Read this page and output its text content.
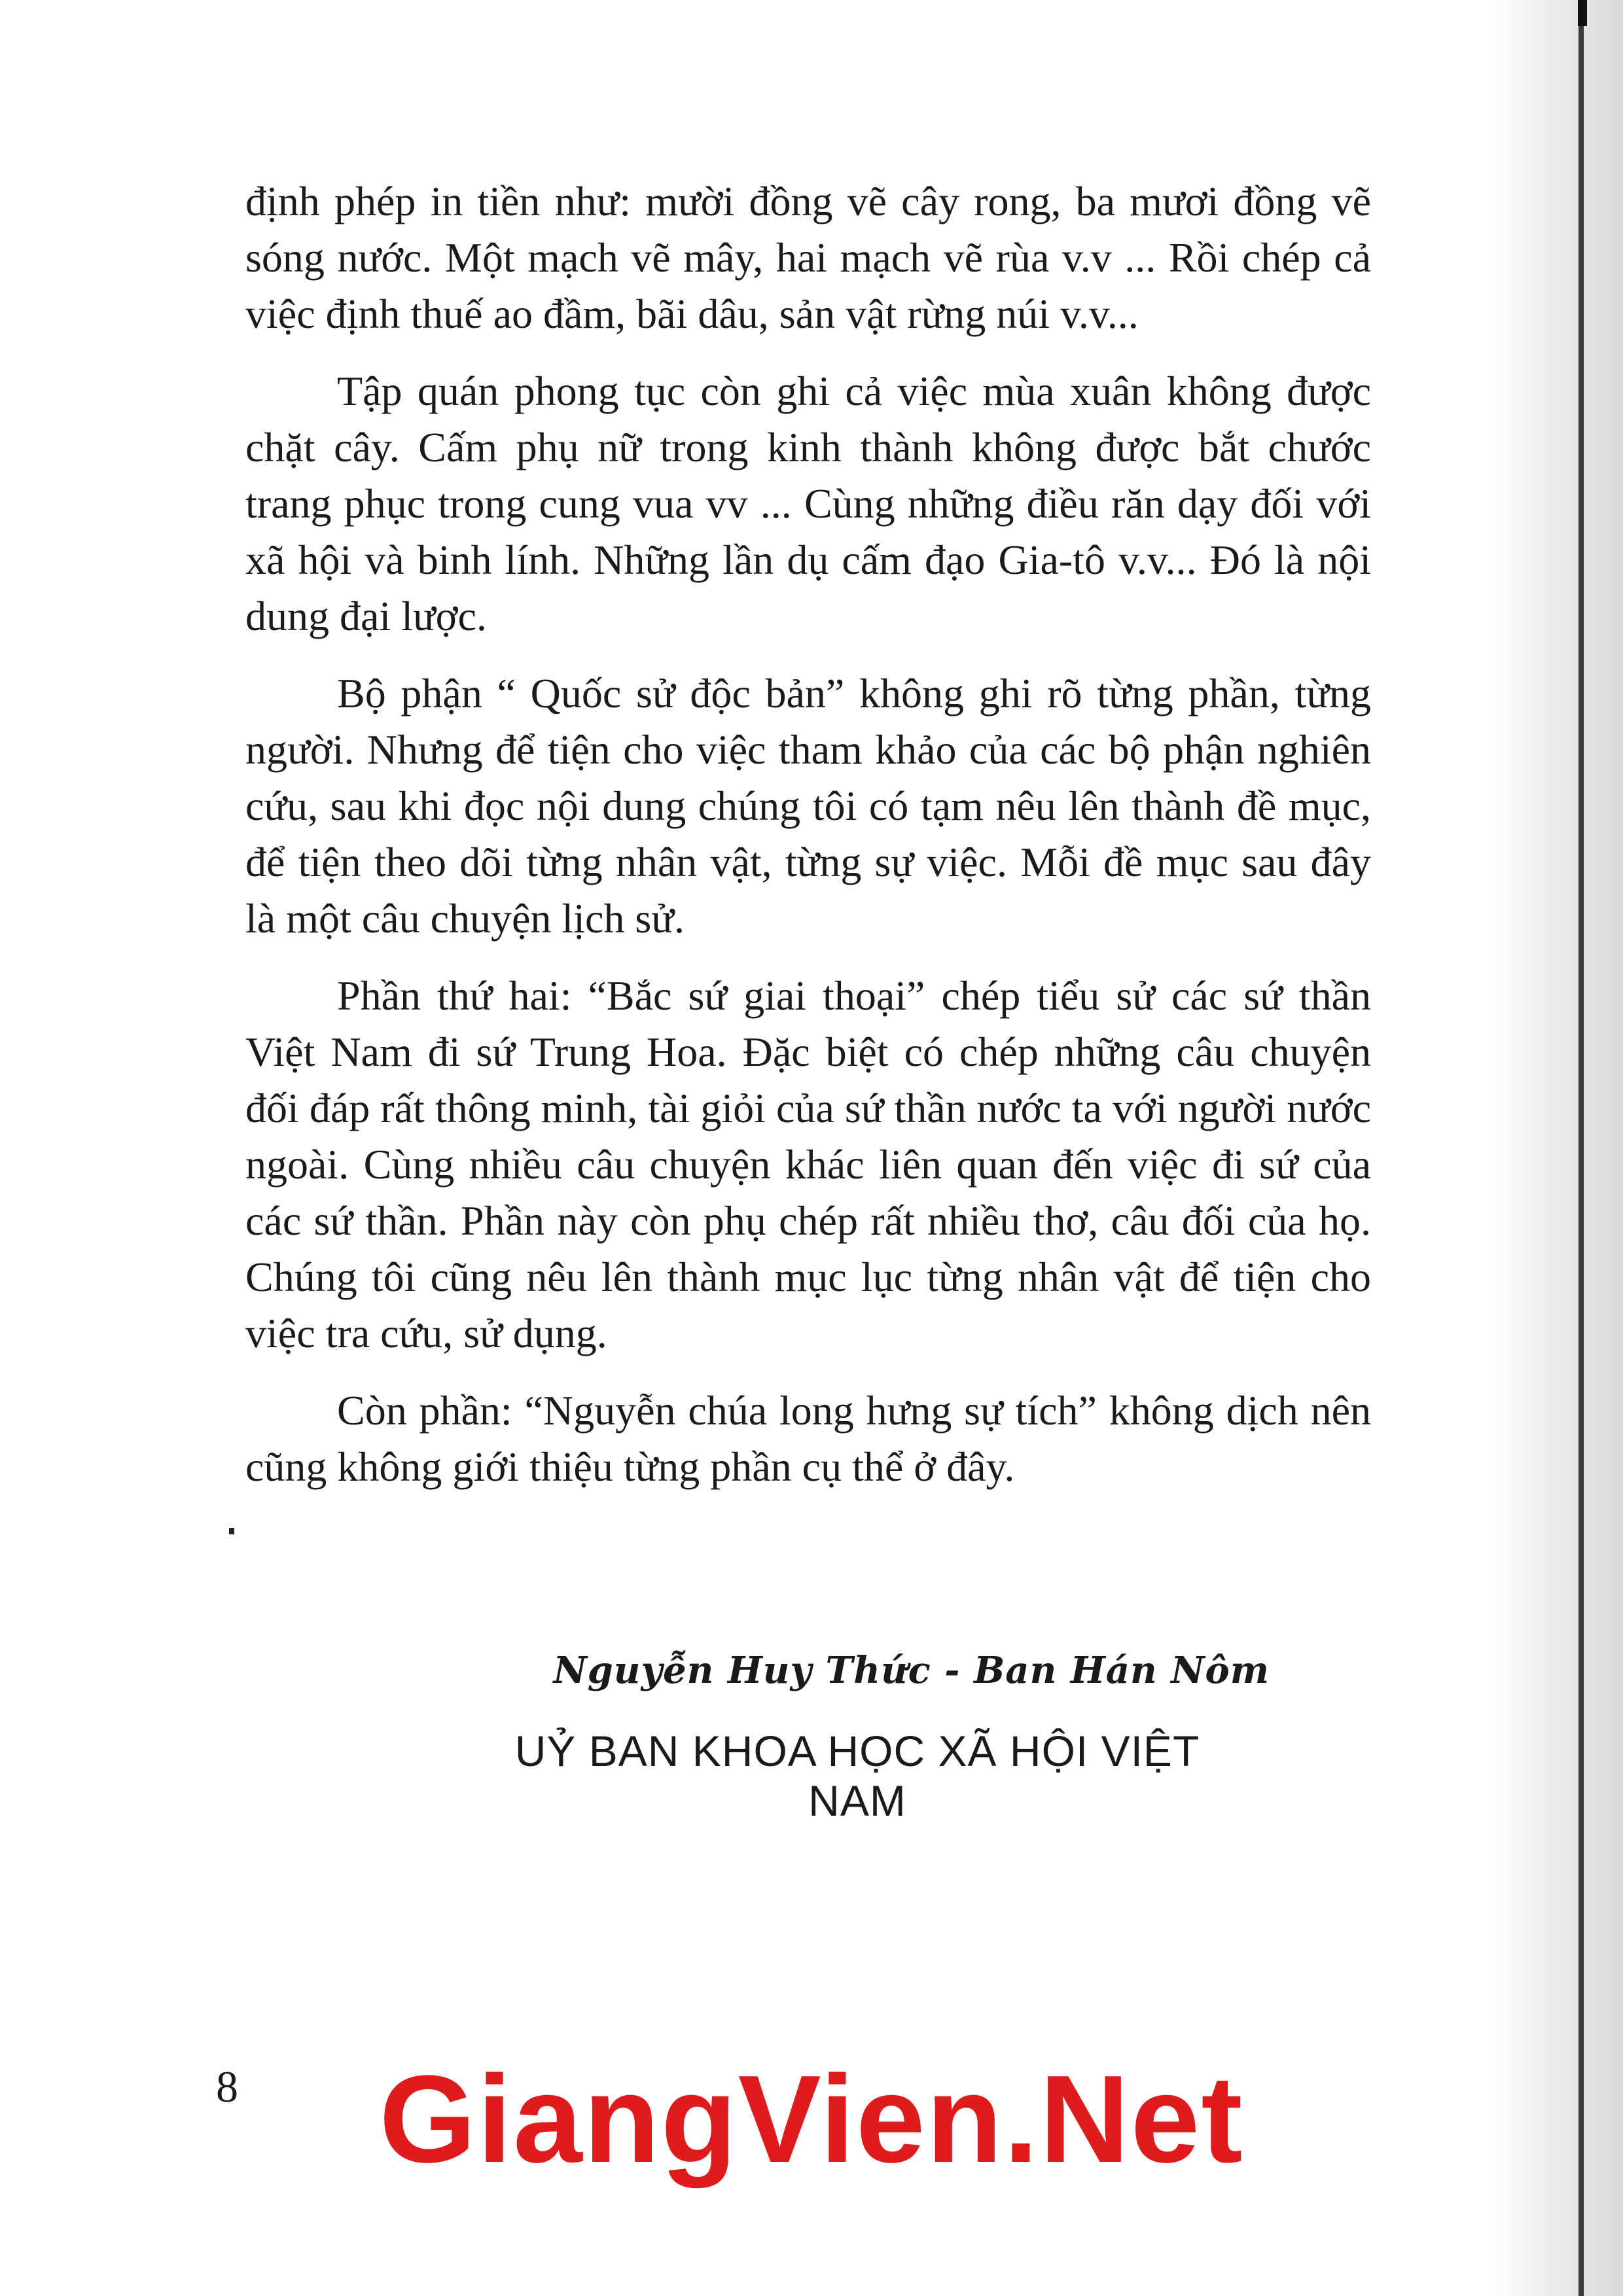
định phép in tiền như: mười đồng vẽ cây rong, ba mươi đồng vẽ sóng nước. Một mạch vẽ mây, hai mạch vẽ rùa v.v ... Rồi chép cả việc định thuế ao đầm, bãi dâu, sản vật rừng núi v.v...

Tập quán phong tục còn ghi cả việc mùa xuân không được chặt cây. Cấm phụ nữ trong kinh thành không được bắt chước trang phục trong cung vua vv ... Cùng những điều răn dạy đối với xã hội và binh lính. Những lần dụ cấm đạo Gia-tô v.v... Đó là nội dung đại lược.

Bộ phận “ Quốc sử độc bản” không ghi rõ từng phần, từng người. Nhưng để tiện cho việc tham khảo của các bộ phận nghiên cứu, sau khi đọc nội dung chúng tôi có tạm nêu lên thành đề mục, để tiện theo dõi từng nhân vật, từng sự việc. Mỗi đề mục sau đây là một câu chuyện lịch sử.

Phần thứ hai: “Bắc sứ giai thoại” chép tiểu sử các sứ thần Việt Nam đi sứ Trung Hoa. Đặc biệt có chép những câu chuyện đối đáp rất thông minh, tài giỏi của sứ thần nước ta với người nước ngoài. Cùng nhiều câu chuyện khác liên quan đến việc đi sứ của các sứ thần. Phần này còn phụ chép rất nhiều thơ, câu đối của họ. Chúng tôi cũng nêu lên thành mục lục từng nhân vật để tiện cho việc tra cứu, sử dụng.

Còn phần: “Nguyễn chúa long hưng sự tích” không dịch nên cũng không giới thiệu từng phần cụ thể ở đây.

Nguyễn Huy Thức - Ban Hán Nôm
UỶ BAN KHOA HỌC XÃ HỘI VIỆT NAM
8	GiangVien.Net
